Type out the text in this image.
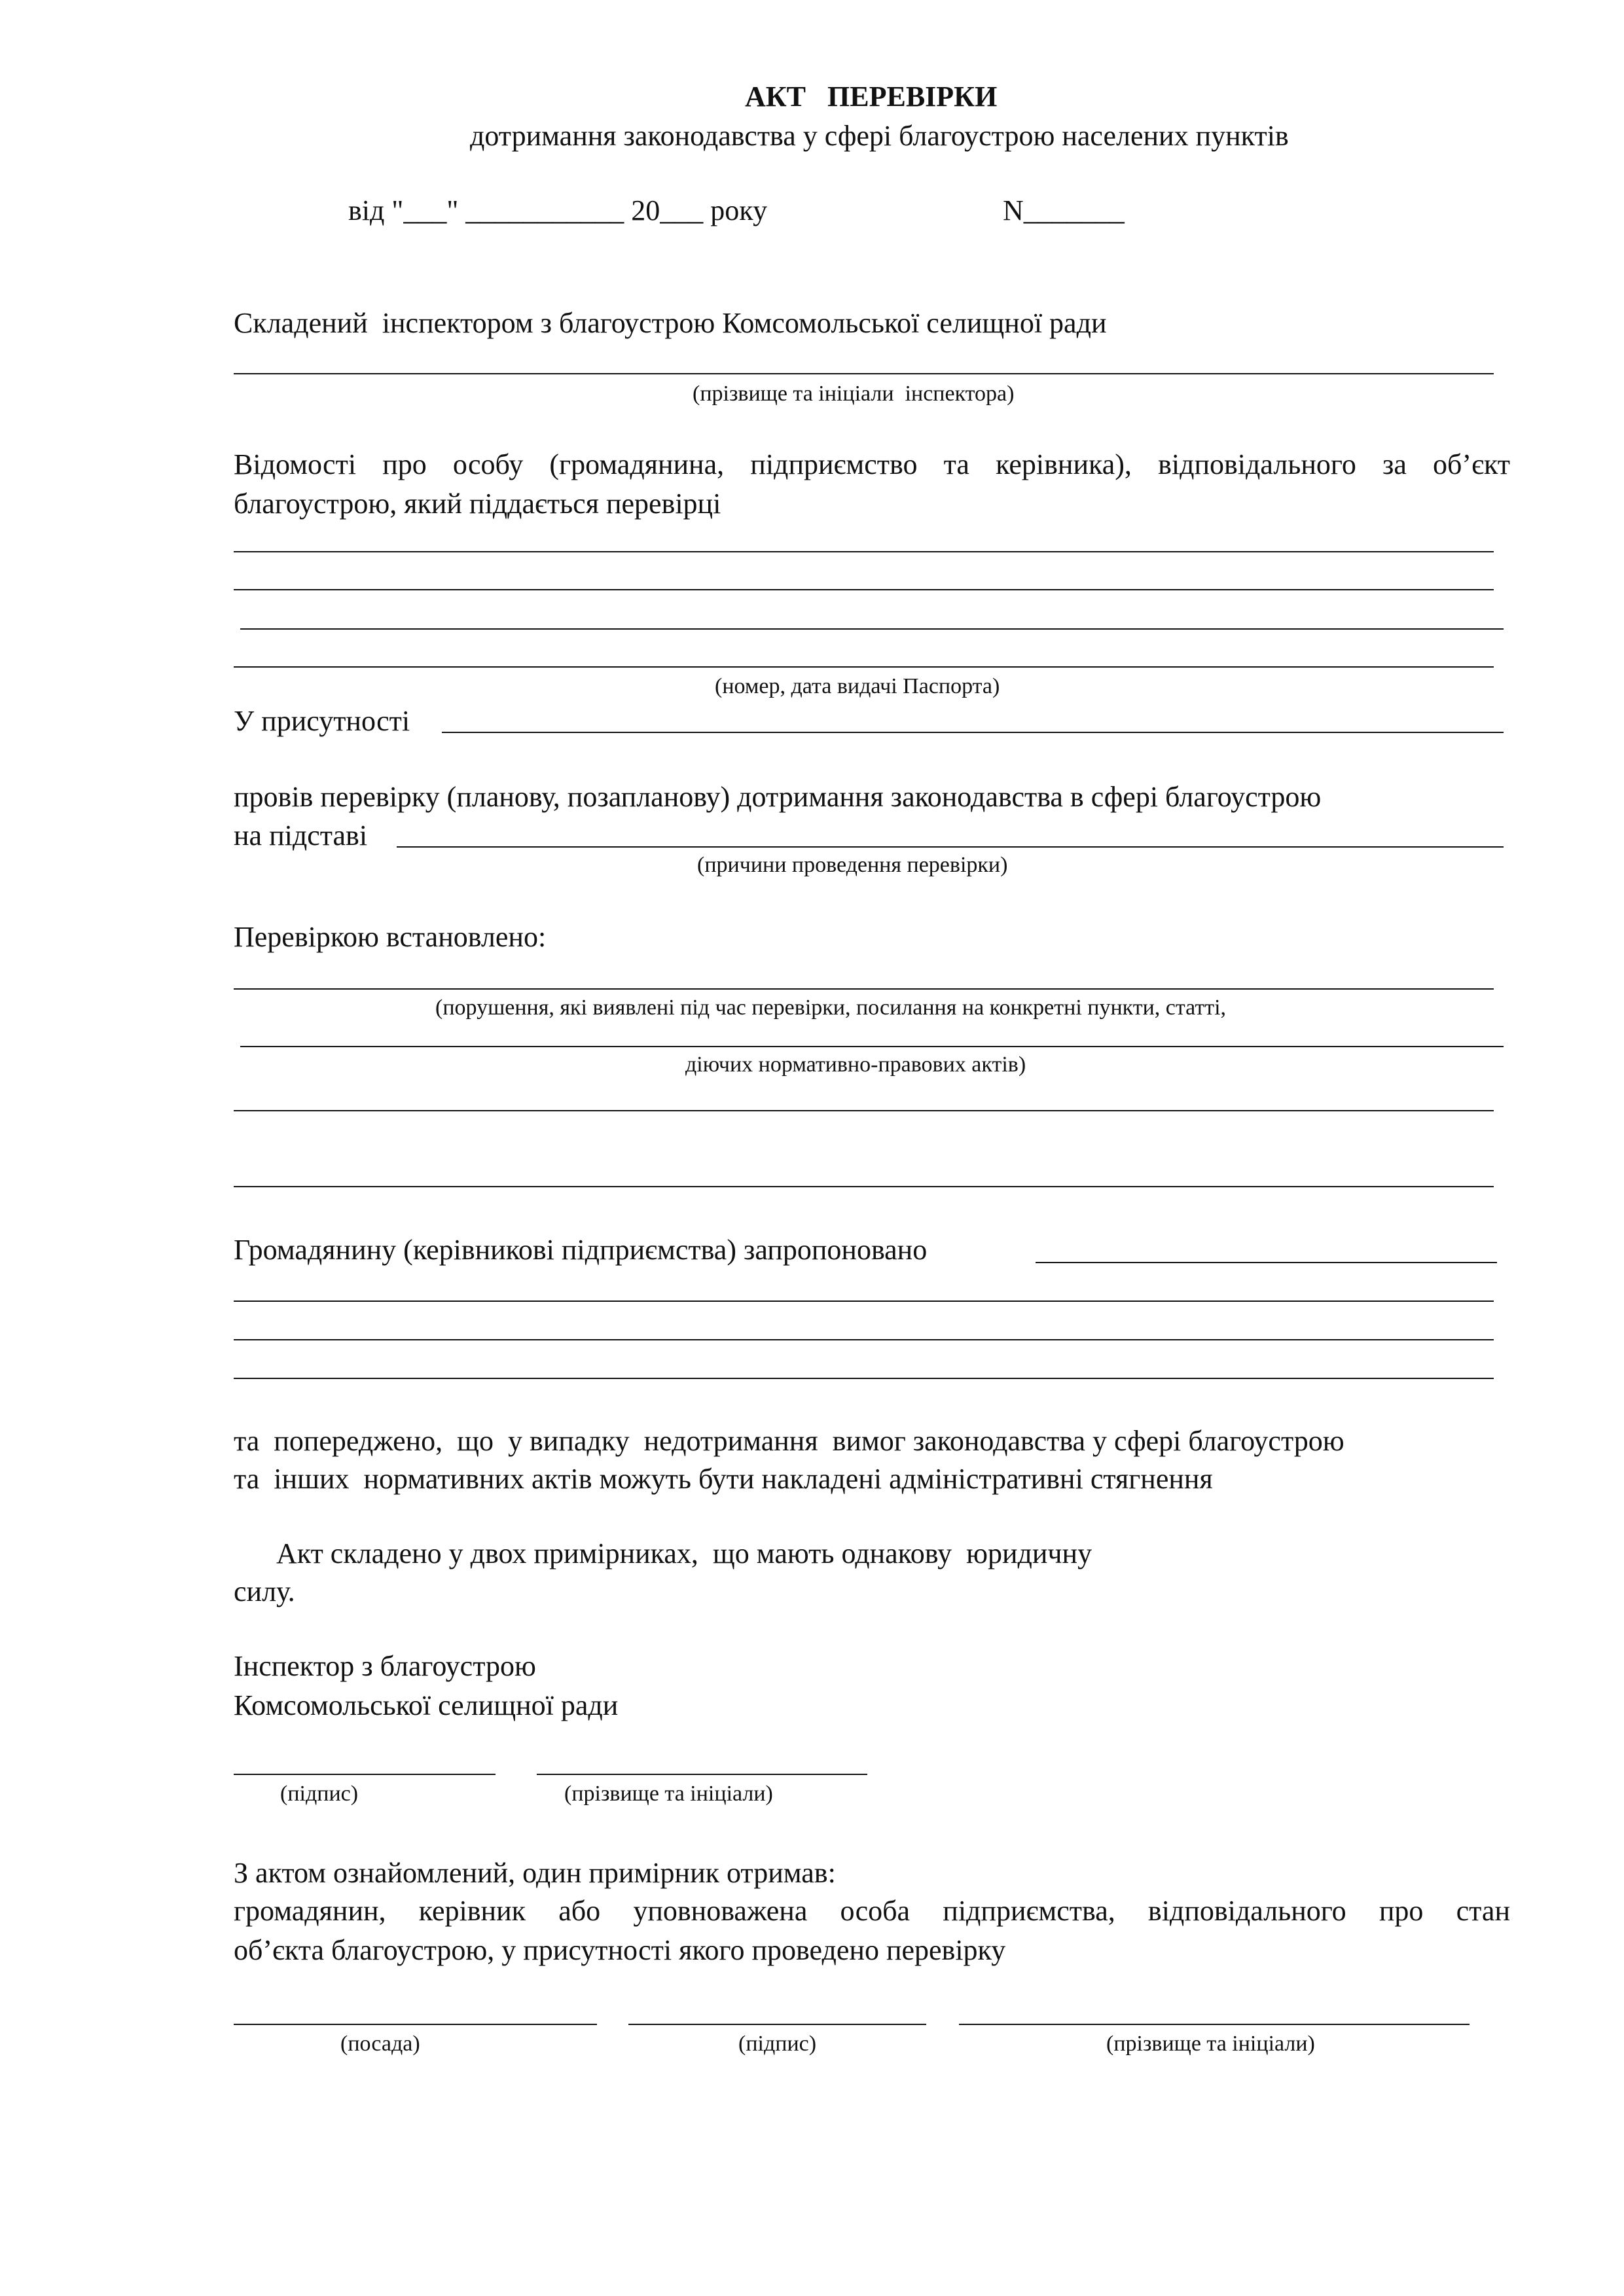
АКТ   ПЕРЕВІРКИ
дотримання законодавства у сфері благоустрою населених пунктів
від "___" ___________ 20___ року	N_______
Складений  інспектором з благоустрою Комсомольської селищної ради
(прізвище та ініціали  інспектора)
Відомості про особу (громадянина, підприємство та керівника), відповідального за об’єкт
благоустрою, який піддається перевірці
(номер, дата видачі Паспорта)
У присутності
провів перевірку (планову, позапланову) дотримання законодавства в сфері благоустрою
на підставі
(причини проведення перевірки)
Перевіркою встановлено:
(порушення, які виявлені під час перевірки, посилання на конкретні пункти, статті,
діючих нормативно-правових актів)
Громадянину (керівникові підприємства) запропоновано
та  попереджено,  що  у випадку  недотримання  вимог законодавства у сфері благоустрою
та  інших  нормативних актів можуть бути накладені адміністративні стягнення
Акт складено у двох примірниках,  що мають однакову  юридичну
силу.
Інспектор з благоустрою
Комсомольської селищної ради
(підпис)	(прізвище та ініціали)
З актом ознайомлений, один примірник отримав:
громадянин,  керівник  або  уповноважена  особа  підприємства,  відповідального  про  стан
об’єкта благоустрою, у присутності якого проведено перевірку
(посада)	(підпис)	(прізвище та ініціали)
